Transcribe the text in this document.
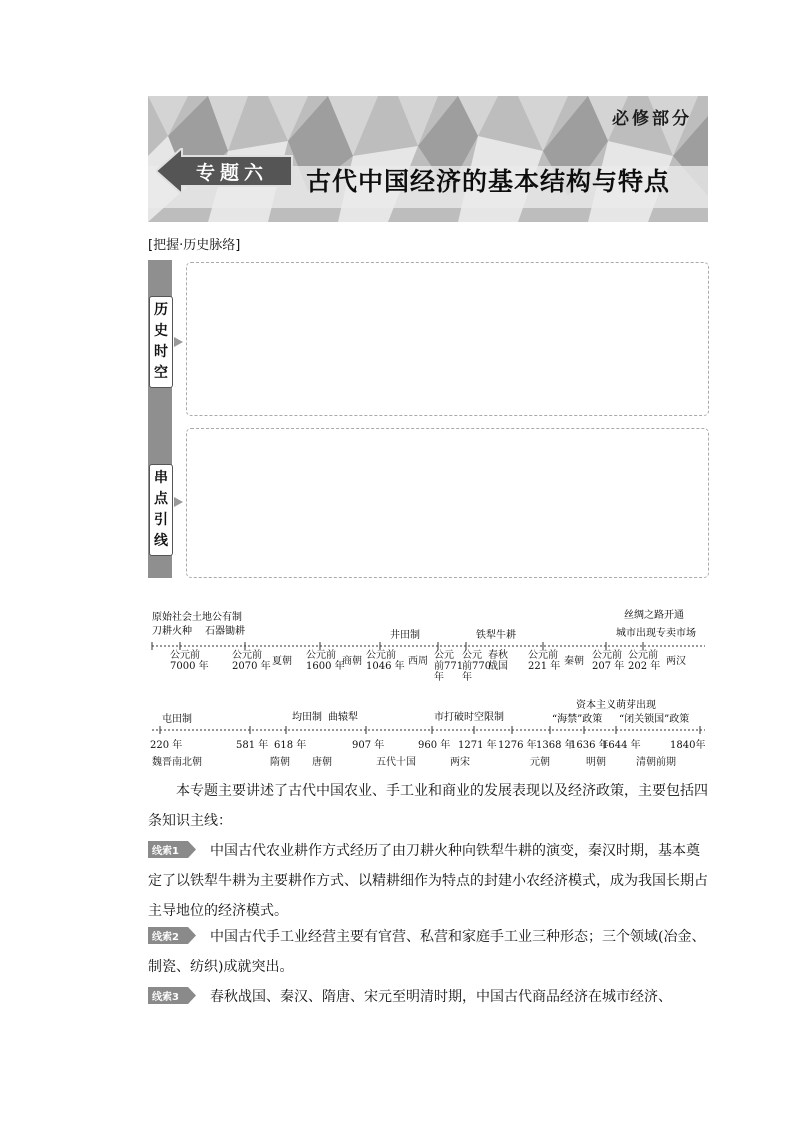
必修部分
专题六 古代中国经济的基本结构与特点
[把握·历史脉络]
历
史
时
空
串
点
引
线
原始社会土地公有制
刀耕火种 石器锄耕	井田制	铁犁牛耕
丝绸之路开通
城市出现专卖市场
公元前
7000 年
公元前
2070 年 夏朝
公元前
1600 年
商朝
公元前
1046 年 西周
公元
前771
年
公元
前770
年
春秋
战国
公元前
221 年 秦朝
公元前
207 年
公元前
202 年 两汉
屯田制	均田制 曲辕犁	市打破时空限制
资本主义萌芽出现
“海禁”政策 “闭关锁国”政策
220 年	581 年 618 年	907 年	960 年 1271 年 1276 年 1368 年
1636 年
1644 年	1840年
魏晋南北朝	隋朝 唐朝	五代十国	两宋	元朝	明朝	清朝前期
本专题主要讲述了古代中国农业、手工业和商业的发展表现以及经济政策，主要包括四条知识主线：
线索1 中国古代农业耕作方式经历了由刀耕火种向铁犁牛耕的演变，秦汉时期，基本奠定了以铁犁牛耕为主要耕作方式、以精耕细作为特点的封建小农经济模式，成为我国长期占主导地位的经济模式。
线索2 中国古代手工业经营主要有官营、私营和家庭手工业三种形态；三个领域(冶金、制瓷、纺织)成就突出。
线索3 春秋战国、秦汉、隋唐、宋元至明清时期，中国古代商品经济在城市经济、
